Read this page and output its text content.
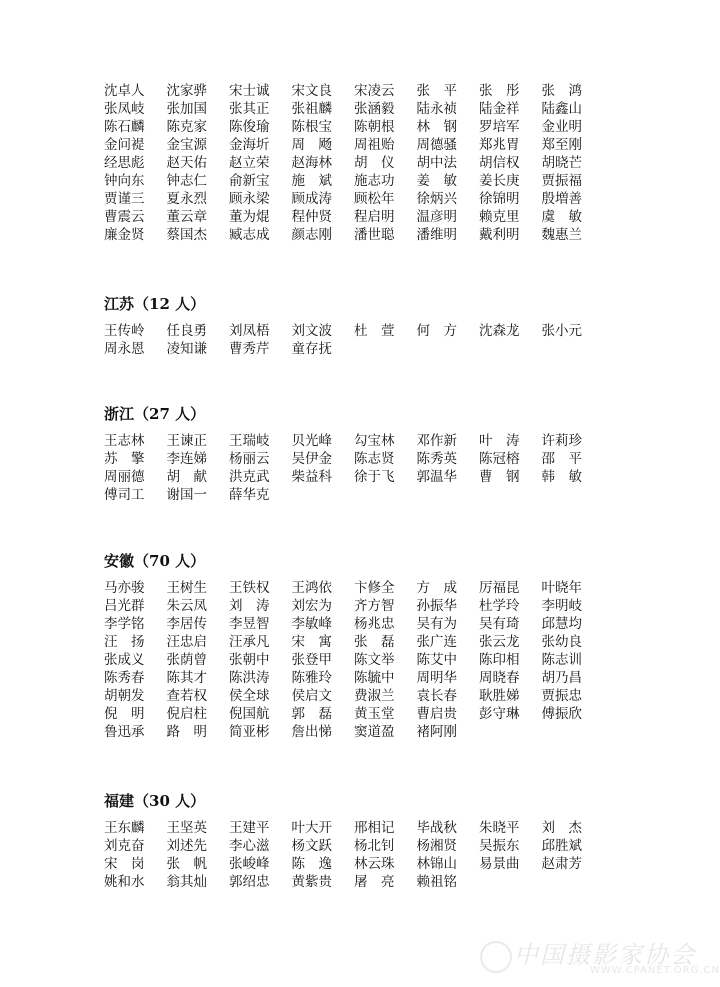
沈卓人	沈家骅	宋士诚	宋文良	宋凌云	张　平	张　彤	张　鸿
张凤岐	张加国	张其正	张祖麟	张涵毅	陆永祯	陆金祥	陆鑫山
陈石麟	陈克家	陈俊瑜	陈根宝	陈朝根	林　钢	罗培军	金业明
金问褆	金宝源	金海圻	周　飏	周祖贻	周德骚	郑兆胃	郑至刚
经思彪	赵天佑	赵立荣	赵海林	胡　仪	胡中法	胡信权	胡晓芒
钟向东	钟志仁	俞新宝	施　斌	施志功	姜　敏	姜长庚	贾振福
贾谨三	夏永烈	顾永梁	顾成涛	顾松年	徐炳兴	徐锦明	殷増善
曹震云	董云章	董为焜	程仲贤	程启明	温彦明	赖克里	虞　敏
廉金贤	蔡国杰	臧志成	颜志刚	潘世聪	潘维明	戴利明	魏惠兰
江苏（12 人）
王传岭	任良勇	刘凤梧	刘文波	杜　萱	何　方	沈森龙	张小元
周永恩	凌知谦	曹秀芹	童存抚
浙江（27 人）
王志林	王谏正	王瑞岐	贝光峰	勾宝林	邓作新	叶　涛	许莉珍
苏　擎	李连娣	杨丽云	吴伊金	陈志贤	陈秀英	陈冠榕	邵　平
周丽德	胡　献	洪克武	柴益科	徐于飞	郭温华	曹　钢	韩　敏
傅司工	谢国一	薛华克
安徽（70 人）
马亦骏	王树生	王铁权	王鸿依	卞修全	方　成	厉福昆	叶晓年
吕光群	朱云凤	刘　涛	刘宏为	齐方智	孙振华	杜学玲	李明岐
李学铭	李居传	李昱智	李敏峰	杨兆忠	吴有为	吴有琦	邱慧均
汪　扬	汪忠启	汪承凡	宋　寓	张　磊	张广连	张云龙	张幼良
张成义	张荫曾	张朝中	张登甲	陈文举	陈艾中	陈印相	陈志训
陈秀春	陈其才	陈洪涛	陈雅玲	陈毓中	周明华	周晓春	胡乃昌
胡朝发	查若权	侯全球	侯启文	费淑兰	袁长春	耿胜娣	贾振忠
倪　明	倪启柱	倪国航	郭　磊	黄玉堂	曹启贵	彭守琳	傅振欣
鲁迅承	路　明	简亚彬	詹出悌	窦道盈	褚阿刚
福建（30 人）
王东麟	王坚英	王建平	叶大开	邢相记	毕战秋	朱晓平	刘　杰
刘克奋	刘述先	李心滋	杨文跃	杨北钊	杨湘贤	吴振东	邱胜斌
宋　岗	张　帆	张峻峰	陈　逸	林云珠	林锦山	易景曲	赵肃芳
姚和水	翁其灿	郭绍忠	黄紫贵	屠　亮	赖祖铭
中国摄影家协会
WWW.CPANET.ORG.CN
